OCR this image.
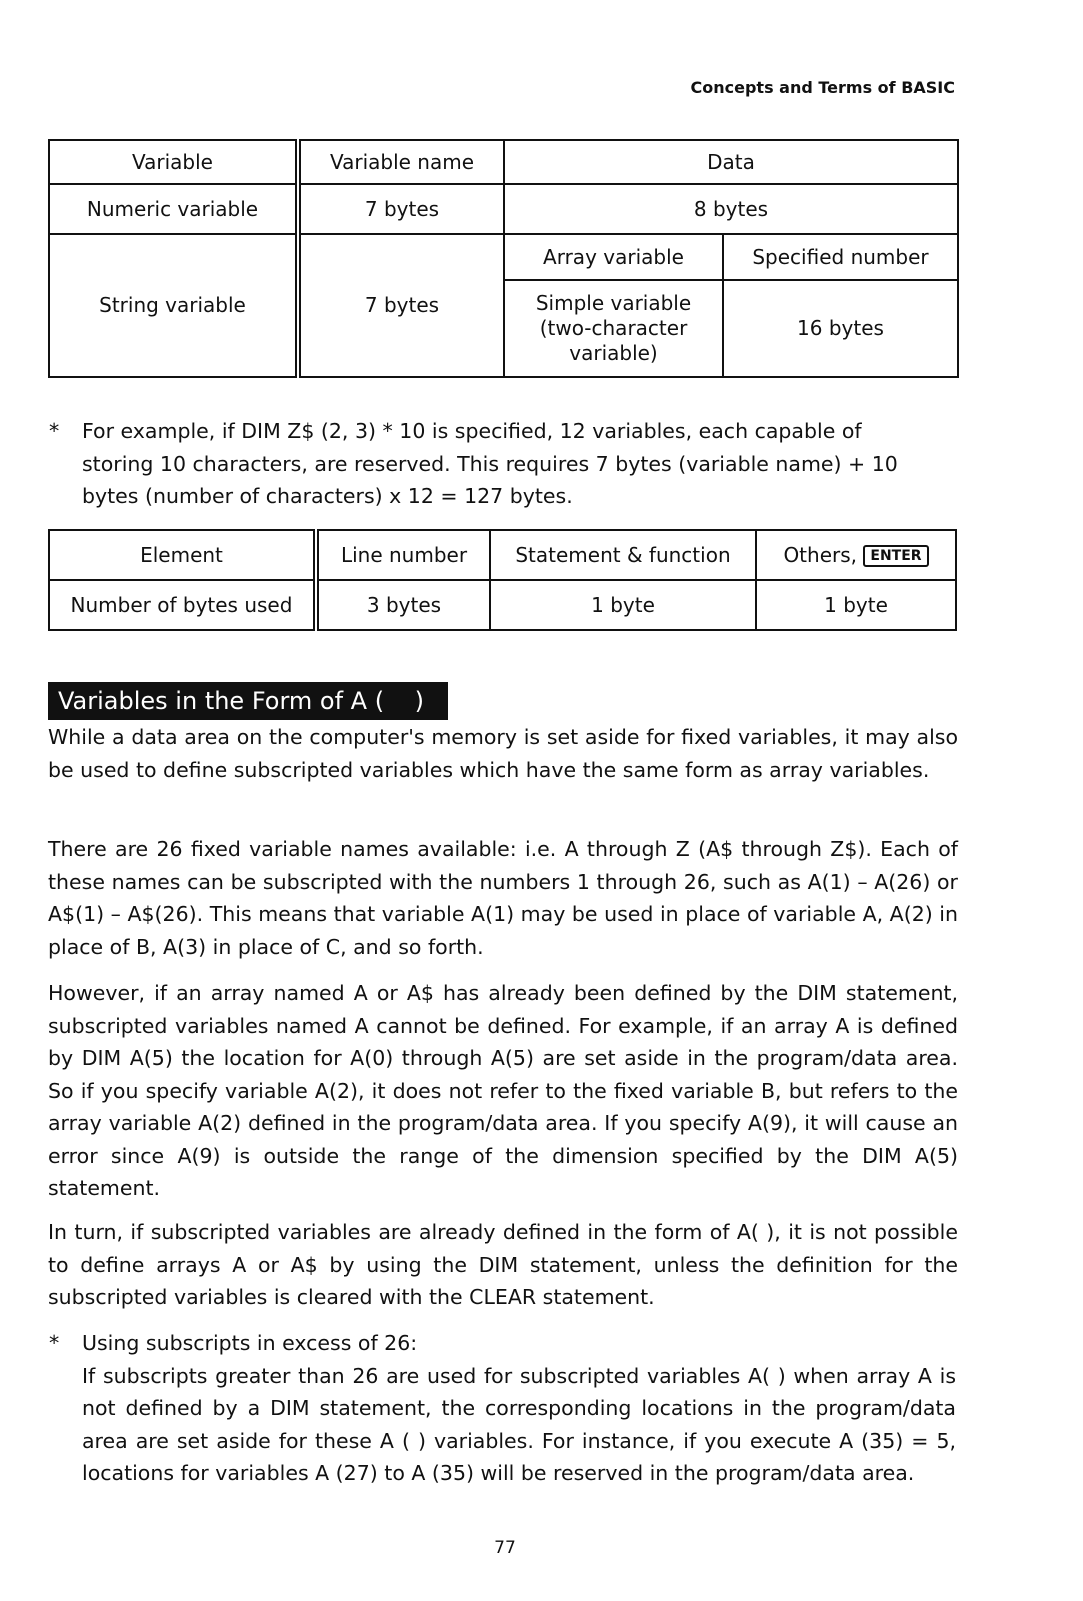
Concepts and Terms of BASIC
Variable	Variable name	Data	
Numeric variable	7 bytes	8 bytes	
String variable	7 bytes	Array variable	Specified number
		Simple variable (two-character variable)	16 bytes
* For example, if DIM Z$ (2, 3) * 10 is specified, 12 variables, each capable of storing 10 characters, are reserved. This requires 7 bytes (variable name) + 10 bytes (number of characters) x 12 = 127 bytes.
Element	Line number	Statement & function	Others, ENTER
Number of bytes used	3 bytes	1 byte	1 byte
Variables in the Form of A (    )

While a data area on the computer's memory is set aside for fixed variables, it may also be used to define subscripted variables which have the same form as array variables.

There are 26 fixed variable names available: i.e. A through Z (A$ through Z$). Each of these names can be subscripted with the numbers 1 through 26, such as A(1) – A(26) or A$(1) – A$(26). This means that variable A(1) may be used in place of variable A, A(2) in place of B, A(3) in place of C, and so forth.

However, if an array named A or A$ has already been defined by the DIM statement, subscripted variables named A cannot be defined. For example, if an array A is defined by DIM A(5) the location for A(0) through A(5) are set aside in the program/data area. So if you specify variable A(2), it does not refer to the fixed variable B, but refers to the array variable A(2) defined in the program/data area. If you specify A(9), it will cause an error since A(9) is outside the range of the dimension specified by the DIM A(5) statement.

In turn, if subscripted variables are already defined in the form of A( ), it is not possible to define arrays A or A$ by using the DIM statement, unless the definition for the subscripted variables is cleared with the CLEAR statement.

* Using subscripts in excess of 26:
If subscripts greater than 26 are used for subscripted variables A( ) when array A is not defined by a DIM statement, the corresponding locations in the program/data area are set aside for these A ( ) variables. For instance, if you execute A (35) = 5, locations for variables A (27) to A (35) will be reserved in the program/data area.
77
